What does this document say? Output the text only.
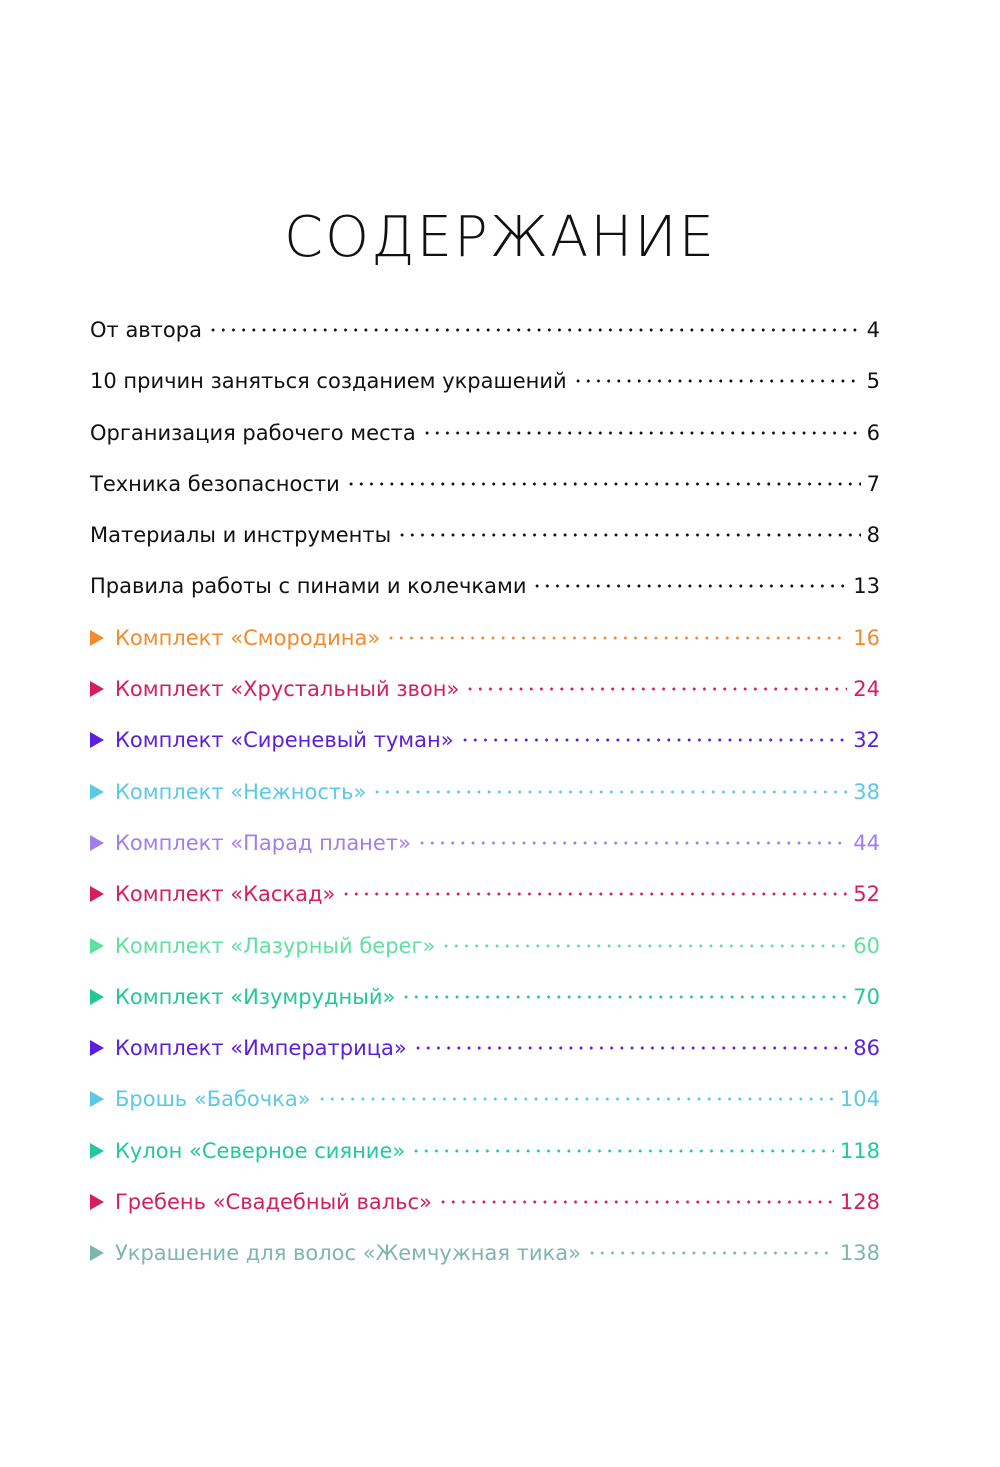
СОДЕРЖАНИЕ
От автора	4
10 причин заняться созданием украшений	5
Организация рабочего места	6
Техника безопасности	7
Материалы и инструменты	8
Правила работы с пинами и колечками	13
Комплект «Смородина»	16
Комплект «Хрустальный звон»	24
Комплект «Сиреневый туман»	32
Комплект «Нежность»	38
Комплект «Парад планет»	44
Комплект «Каскад»	52
Комплект «Лазурный берег»	60
Комплект «Изумрудный»	70
Комплект «Императрица»	86
Брошь «Бабочка»	104
Кулон «Северное сияние»	118
Гребень «Свадебный вальс»	128
Украшение для волос «Жемчужная тика»	138
